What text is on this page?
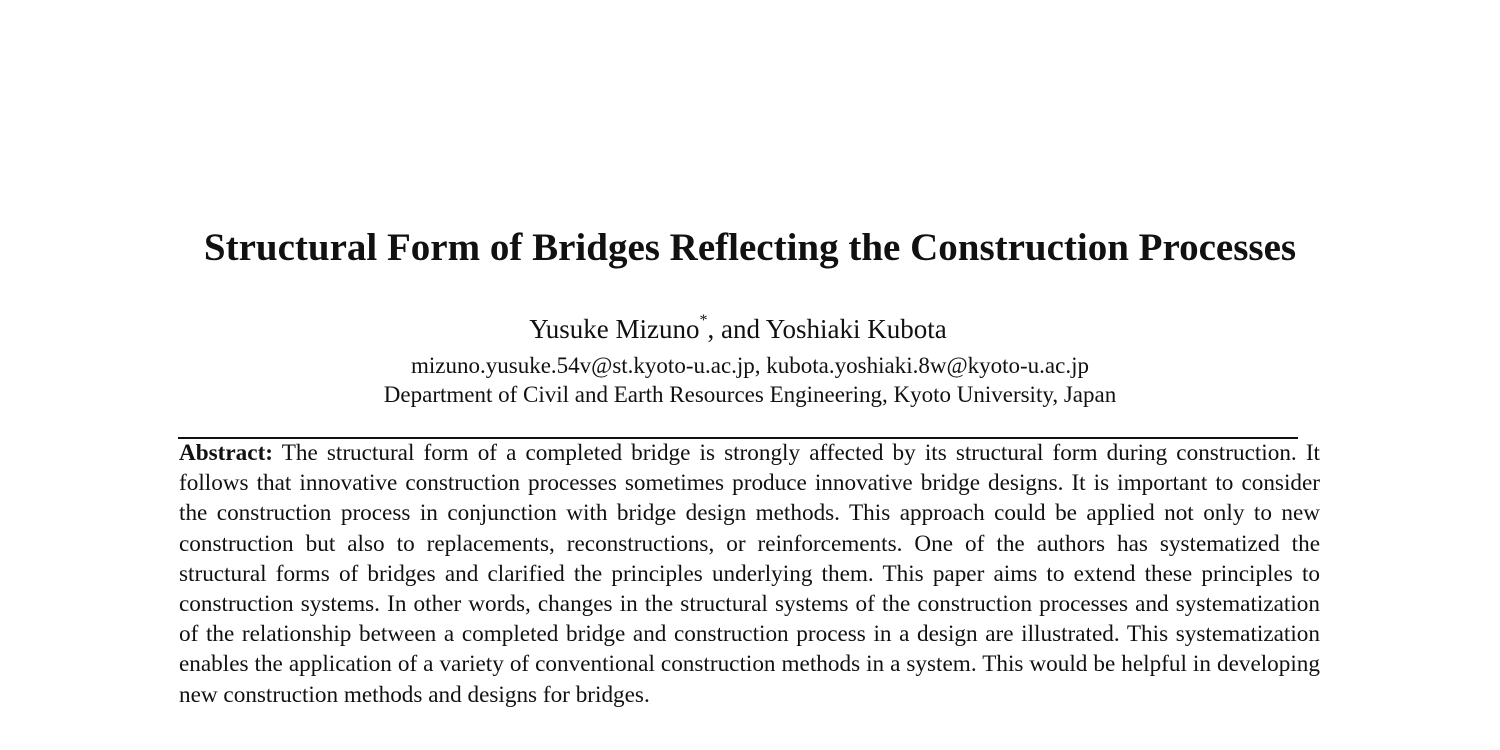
Structural Form of Bridges Reflecting the Construction Processes
Yusuke Mizuno*, and Yoshiaki Kubota
mizuno.yusuke.54v@st.kyoto-u.ac.jp, kubota.yoshiaki.8w@kyoto-u.ac.jp
Department of Civil and Earth Resources Engineering, Kyoto University, Japan

Abstract: The structural form of a completed bridge is strongly affected by its structural form during construction. It follows that innovative construction processes sometimes produce innovative bridge designs. It is important to consider the construction process in conjunction with bridge design methods. This approach could be applied not only to new construction but also to replacements, reconstructions, or reinforcements. One of the authors has systematized the structural forms of bridges and clarified the principles underlying them. This paper aims to extend these principles to construction systems. In other words, changes in the structural systems of the construction processes and systematization of the relationship between a completed bridge and construction process in a design are illustrated. This systematization enables the application of a variety of conventional construction methods in a system. This would be helpful in developing new construction methods and designs for bridges.
